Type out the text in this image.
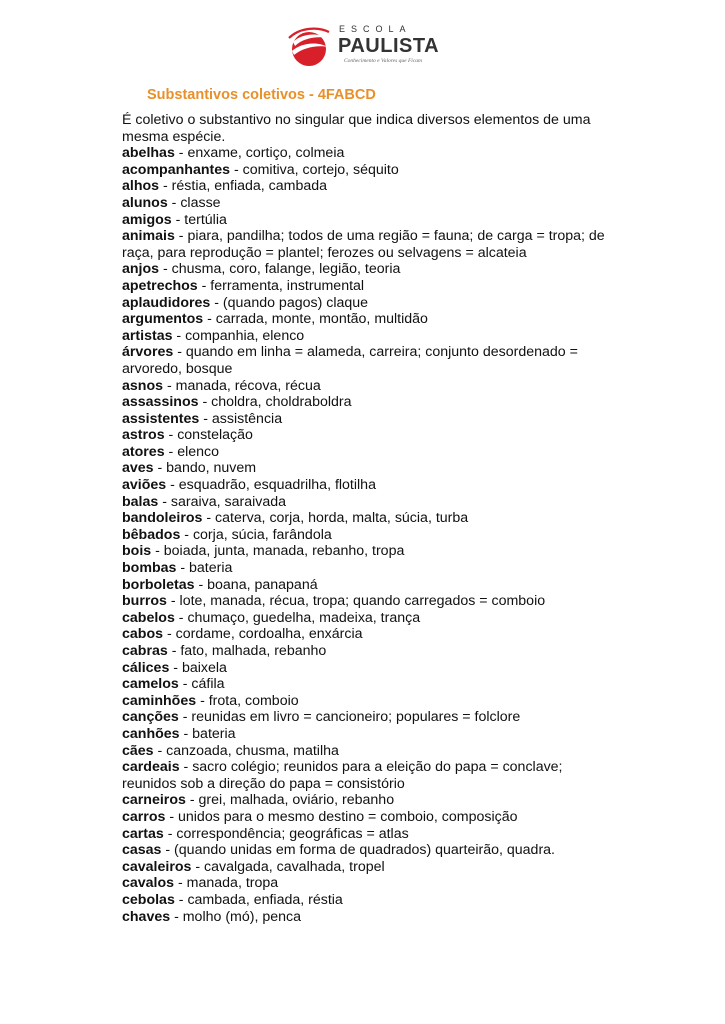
ESCOLA
PAULISTA
Conhecimento e Valores que Ficam
Substantivos coletivos - 4FABCD

É coletivo o substantivo no singular que indica diversos elementos de uma mesma espécie.

abelhas - enxame, cortiço, colmeia

acompanhantes - comitiva, cortejo, séquito

alhos - réstia, enfiada, cambada

alunos - classe

amigos - tertúlia

animais - piara, pandilha; todos de uma região = fauna; de carga = tropa; de raça, para reprodução = plantel; ferozes ou selvagens = alcateia

anjos - chusma, coro, falange, legião, teoria

apetrechos - ferramenta, instrumental

aplaudidores - (quando pagos) claque

argumentos - carrada, monte, montão, multidão

artistas - companhia, elenco

árvores - quando em linha = alameda, carreira; conjunto desordenado = arvoredo, bosque

asnos - manada, récova, récua

assassinos - choldra, choldraboldra

assistentes - assistência

astros - constelação

atores - elenco

aves - bando, nuvem

aviões - esquadrão, esquadrilha, flotilha

balas - saraiva, saraivada

bandoleiros - caterva, corja, horda, malta, súcia, turba

bêbados - corja, súcia, farândola

bois - boiada, junta, manada, rebanho, tropa

bombas - bateria

borboletas - boana, panapaná

burros - lote, manada, récua, tropa; quando carregados = comboio

cabelos - chumaço, guedelha, madeixa, trança

cabos - cordame, cordoalha, enxárcia

cabras - fato, malhada, rebanho

cálices - baixela

camelos - cáfila

caminhões - frota, comboio

canções - reunidas em livro = cancioneiro; populares = folclore

canhões - bateria

cães - canzoada, chusma, matilha

cardeais - sacro colégio; reunidos para a eleição do papa = conclave; reunidos sob a direção do papa = consistório

carneiros - grei, malhada, oviário, rebanho

carros - unidos para o mesmo destino = comboio, composição

cartas - correspondência; geográficas = atlas

casas - (quando unidas em forma de quadrados) quarteirão, quadra.

cavaleiros - cavalgada, cavalhada, tropel

cavalos - manada, tropa

cebolas - cambada, enfiada, réstia

chaves - molho (mó), penca
